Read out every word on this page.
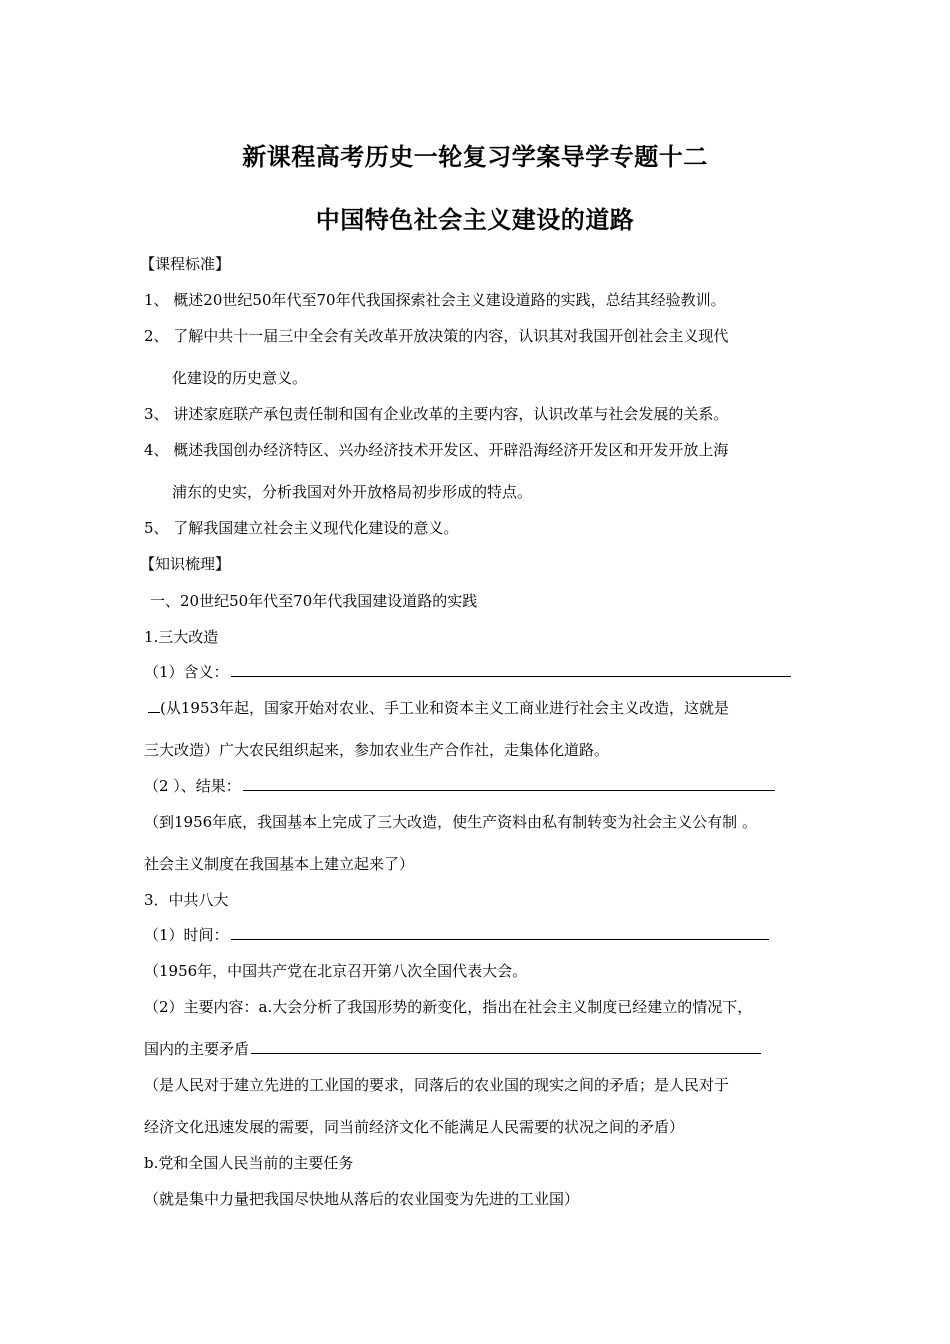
新课程高考历史一轮复习学案导学专题十二
中国特色社会主义建设的道路
【课程标准】
1、 概述20世纪50年代至70年代我国探索社会主义建设道路的实践，总结其经验教训。
2、 了解中共十一届三中全会有关改革开放决策的内容，认识其对我国开创社会主义现代
化建设的历史意义。
3、 讲述家庭联产承包责任制和国有企业改革的主要内容，认识改革与社会发展的关系。
4、 概述我国创办经济特区、兴办经济技术开发区、开辟沿海经济开发区和开发开放上海
浦东的史实，分析我国对外开放格局初步形成的特点。
5、 了解我国建立社会主义现代化建设的意义。
【知识梳理】
一、20世纪50年代至70年代我国建设道路的实践
1.三大改造
（1）含义：
(从1953年起，国家开始对农业、手工业和资本主义工商业进行社会主义改造，这就是
三大改造）广大农民组织起来，参加农业生产合作社，走集体化道路。
（2 ）、结果：
（到1956年底，我国基本上完成了三大改造，使生产资料由私有制转变为社会主义公有制 。
社会主义制度在我国基本上建立起来了）
3．中共八大
（1）时间：
（1956年，中国共产党在北京召开第八次全国代表大会。
（2）主要内容：a.大会分析了我国形势的新变化，指出在社会主义制度已经建立的情况下，
国内的主要矛盾
（是人民对于建立先进的工业国的要求，同落后的农业国的现实之间的矛盾；是人民对于
经济文化迅速发展的需要，同当前经济文化不能满足人民需要的状况之间的矛盾）
b.党和全国人民当前的主要任务
（就是集中力量把我国尽快地从落后的农业国变为先进的工业国）
